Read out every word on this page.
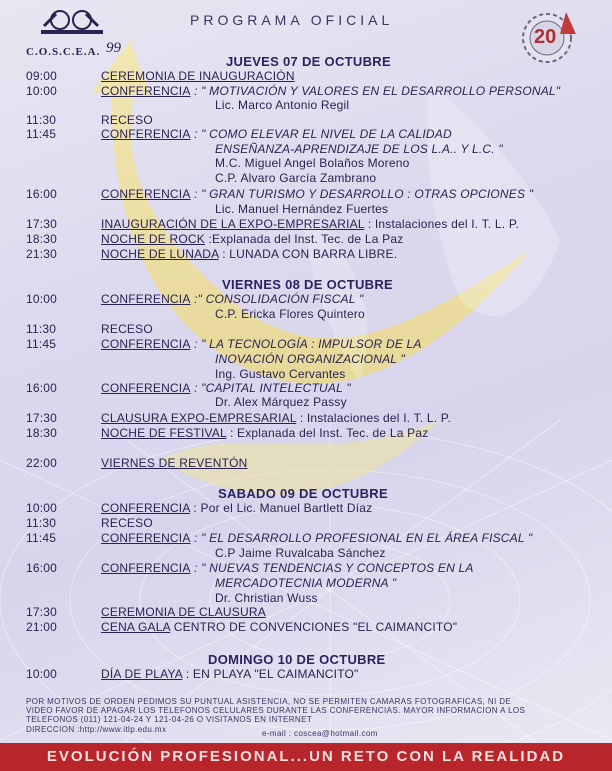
C.O.S.C.E.A. 99
PROGRAMA OFICIAL
20
JUEVES 07 DE OCTUBRE
09:00	CEREMONIA DE INAUGURACIÓN
10:00	CONFERENCIA : " MOTIVACIÓN Y VALORES EN EL DESARROLLO PERSONAL"
Lic. Marco Antonio Regil
11:30	RECESO
11:45	CONFERENCIA : " COMO ELEVAR EL NIVEL DE LA CALIDAD
ENSEÑANZA-APRENDIZAJE DE LOS L.A.. Y L.C. "
M.C. Miguel Angel Bolaños Moreno
C.P. Alvaro García Zambrano
16:00	CONFERENCIA : " GRAN TURISMO Y DESARROLLO : OTRAS OPCIONES "
Lic. Manuel Hernández Fuertes
17:30	INAUGURACIÓN DE LA EXPO-EMPRESARIAL : Instalaciones del I. T. L. P.
18:30	NOCHE DE ROCK :Explanada del Inst. Tec. de La Paz
21:30	NOCHE DE LUNADA : LUNADA CON BARRA LIBRE.
VIERNES 08 DE OCTUBRE
10:00	CONFERENCIA :" CONSOLIDACIÓN FISCAL "
C.P. Ericka Flores Quintero
11:30	RECESO
11:45	CONFERENCIA : " LA TECNOLOGÍA : IMPULSOR DE LA
INOVACIÓN ORGANIZACIONAL "
Ing. Gustavo Cervantes
16:00	CONFERENCIA : "CAPITAL INTELECTUAL "
Dr. Alex Márquez Passy
17:30	CLAUSURA EXPO-EMPRESARIAL : Instalaciones del I. T. L. P.
18:30	NOCHE DE FESTIVAL : Explanada del Inst. Tec. de La Paz
22:00	VIERNES DE REVENTÓN
SABADO 09 DE OCTUBRE
10:00	CONFERENCIA : Por el Lic. Manuel Bartlett Díaz
11:30	RECESO
11:45	CONFERENCIA : " EL DESARROLLO PROFESIONAL EN EL ÁREA FISCAL "
C.P Jaime Ruvalcaba Sánchez
16:00	CONFERENCIA : " NUEVAS TENDENCIAS Y CONCEPTOS EN LA
MERCADOTECNIA MODERNA "
Dr. Christian Wuss
17:30	CEREMONIA DE CLAUSURA
21:00	CENA GALA CENTRO DE CONVENCIONES "EL CAIMANCITO"
DOMINGO 10 DE OCTUBRE
10:00	DÍA DE PLAYA : EN PLAYA "EL CAIMANCITO"
POR MOTIVOS DE ORDEN PEDIMOS SU PUNTUAL ASISTENCIA, NO SE PERMITEN CAMARAS FOTOGRAFICAS, NI DE
VIDEO FAVOR DE APAGAR LOS TELEFONOS CELULARES DURANTE LAS CONFERENCIAS. MAYOR INFORMACION A LOS
TELEFONOS (011) 121-04-24 Y 121-04-26 O VISITANOS EN INTERNET
DIRECCION :http://www.itlp.edu.mx	e-mail : coscea@hotmail.com
EVOLUCIÓN PROFESIONAL...UN RETO CON LA REALIDAD
